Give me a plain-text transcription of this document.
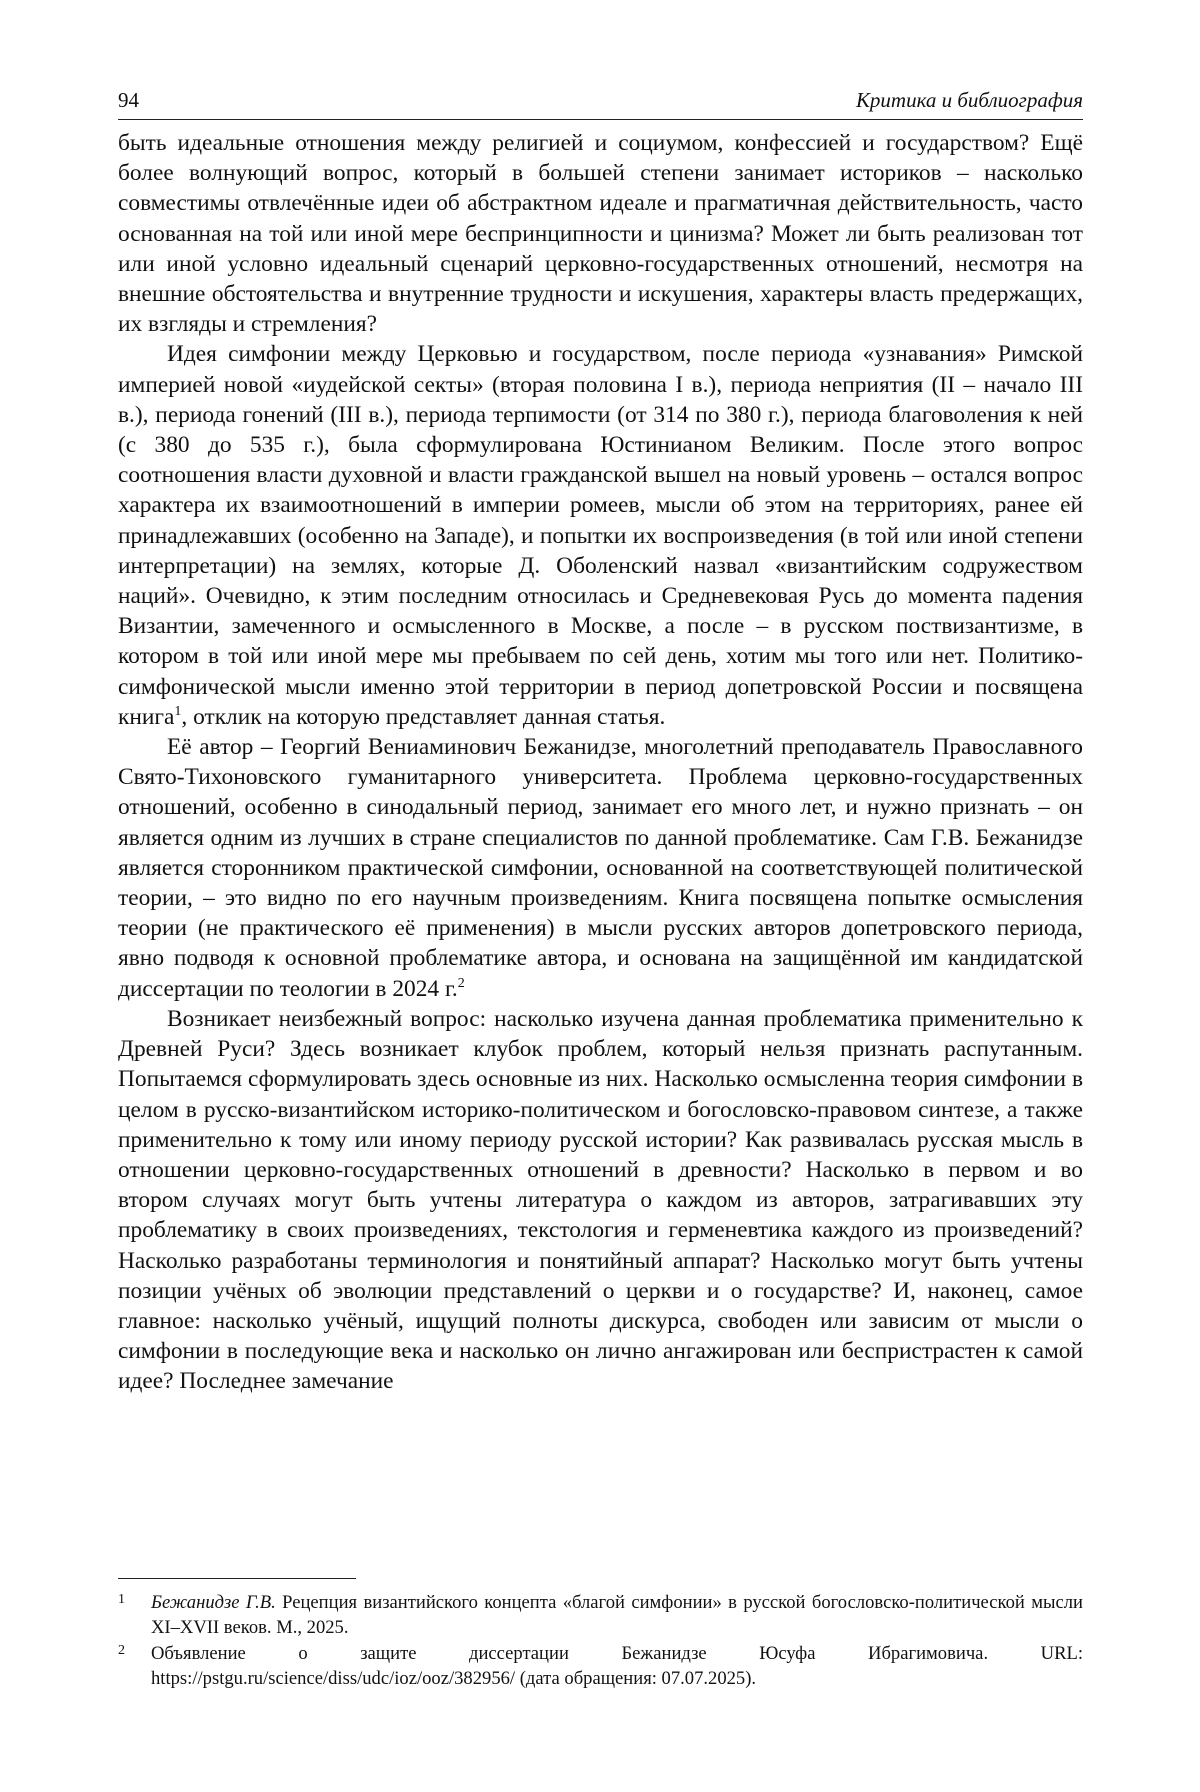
94	Критика и библиография

быть идеальные отношения между религией и социумом, конфессией и государством? Ещё более волнующий вопрос, который в большей степени занимает историков – насколько совместимы отвлечённые идеи об абстрактном идеале и прагматичная действительность, часто основанная на той или иной мере беспринципности и цинизма? Может ли быть реализован тот или иной условно идеальный сценарий церковно-государственных отношений, несмотря на внешние обстоятельства и внутренние трудности и искушения, характеры власть предержащих, их взгляды и стремления?

Идея симфонии между Церковью и государством, после периода «узнавания» Римской империей новой «иудейской секты» (вторая половина I в.), периода неприятия (II – начало III в.), периода гонений (III в.), периода терпимости (от 314 по 380 г.), периода благоволения к ней (с 380 до 535 г.), была сформулирована Юстинианом Великим. После этого вопрос соотношения власти духовной и власти гражданской вышел на новый уровень – остался вопрос характера их взаимоотношений в империи ромеев, мысли об этом на территориях, ранее ей принадлежавших (особенно на Западе), и попытки их воспроизведения (в той или иной степени интерпретации) на землях, которые Д. Оболенский назвал «византийским содружеством наций». Очевидно, к этим последним относилась и Средневековая Русь до момента падения Византии, замеченного и осмысленного в Москве, а после – в русском поствизантизме, в котором в той или иной мере мы пребываем по сей день, хотим мы того или нет. Политико-симфонической мысли именно этой территории в период допетровской России и посвящена книга$^1$, отклик на которую представляет данная статья.

Её автор – Георгий Вениаминович Бежанидзе, многолетний преподаватель Православного Свято-Тихоновского гуманитарного университета. Проблема церковно-государственных отношений, особенно в синодальный период, занимает его много лет, и нужно признать – он является одним из лучших в стране специалистов по данной проблематике. Сам Г.В. Бежанидзе является сторонником практической симфонии, основанной на соответствующей политической теории, – это видно по его научным произведениям. Книга посвящена попытке осмысления теории (не практического её применения) в мысли русских авторов допетровского периода, явно подводя к основной проблематике автора, и основана на защищённой им кандидатской диссертации по теологии в 2024 г.$^2$

Возникает неизбежный вопрос: насколько изучена данная проблематика применительно к Древней Руси? Здесь возникает клубок проблем, который нельзя признать распутанным. Попытаемся сформулировать здесь основные из них. Насколько осмысленна теория симфонии в целом в русско-византийском историко-политическом и богословско-правовом синтезе, а также применительно к тому или иному периоду русской истории? Как развивалась русская мысль в отношении церковно-государственных отношений в древности? Насколько в первом и во втором случаях могут быть учтены литература о каждом из авторов, затрагивавших эту проблематику в своих произведениях, текстология и герменевтика каждого из произведений? Насколько разработаны терминология и понятийный аппарат? Насколько могут быть учтены позиции учёных об эволюции представлений о церкви и о государстве? И, наконец, самое главное: насколько учёный, ищущий полноты дискурса, свободен или зависим от мысли о симфонии в последующие века и насколько он лично ангажирован или беспристрастен к самой идее? Последнее замечание

1	Бежанидзе Г.В. Рецепция византийского концепта «благой симфонии» в русской богословско-политической мысли XI–XVII веков. М., 2025.
2	Объявление о защите диссертации Бежанидзе Юсуфа Ибрагимовича. URL: https://pstgu.ru/science/diss/udc/ioz/ooz/382956/ (дата обращения: 07.07.2025).
